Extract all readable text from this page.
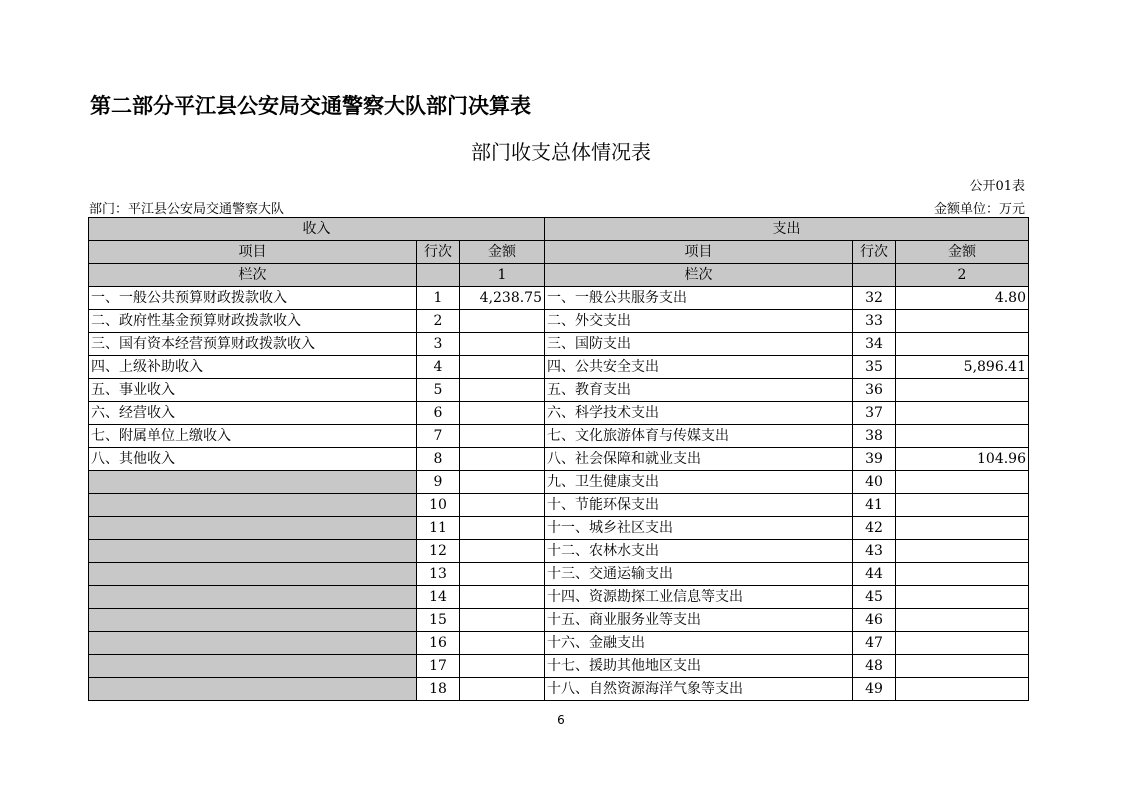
第二部分平江县公安局交通警察大队部门决算表
部门收支总体情况表
公开01表
部门：平江县公安局交通警察大队	金额单位：万元
收入			支出		
项目	行次	金额	项目	行次	金额
栏次		1	栏次		2
一、一般公共预算财政拨款收入	1	4,238.75	一、一般公共服务支出	32	4.80
二、政府性基金预算财政拨款收入	2		二、外交支出	33	
三、国有资本经营预算财政拨款收入	3		三、国防支出	34	
四、上级补助收入	4		四、公共安全支出	35	5,896.41
五、事业收入	5		五、教育支出	36	
六、经营收入	6		六、科学技术支出	37	
七、附属单位上缴收入	7		七、文化旅游体育与传媒支出	38	
八、其他收入	8		八、社会保障和就业支出	39	104.96
	9		九、卫生健康支出	40	
	10		十、节能环保支出	41	
	11		十一、城乡社区支出	42	
	12		十二、农林水支出	43	
	13		十三、交通运输支出	44	
	14		十四、资源勘探工业信息等支出	45	
	15		十五、商业服务业等支出	46	
	16		十六、金融支出	47	
	17		十七、援助其他地区支出	48	
	18		十八、自然资源海洋气象等支出	49	
6
